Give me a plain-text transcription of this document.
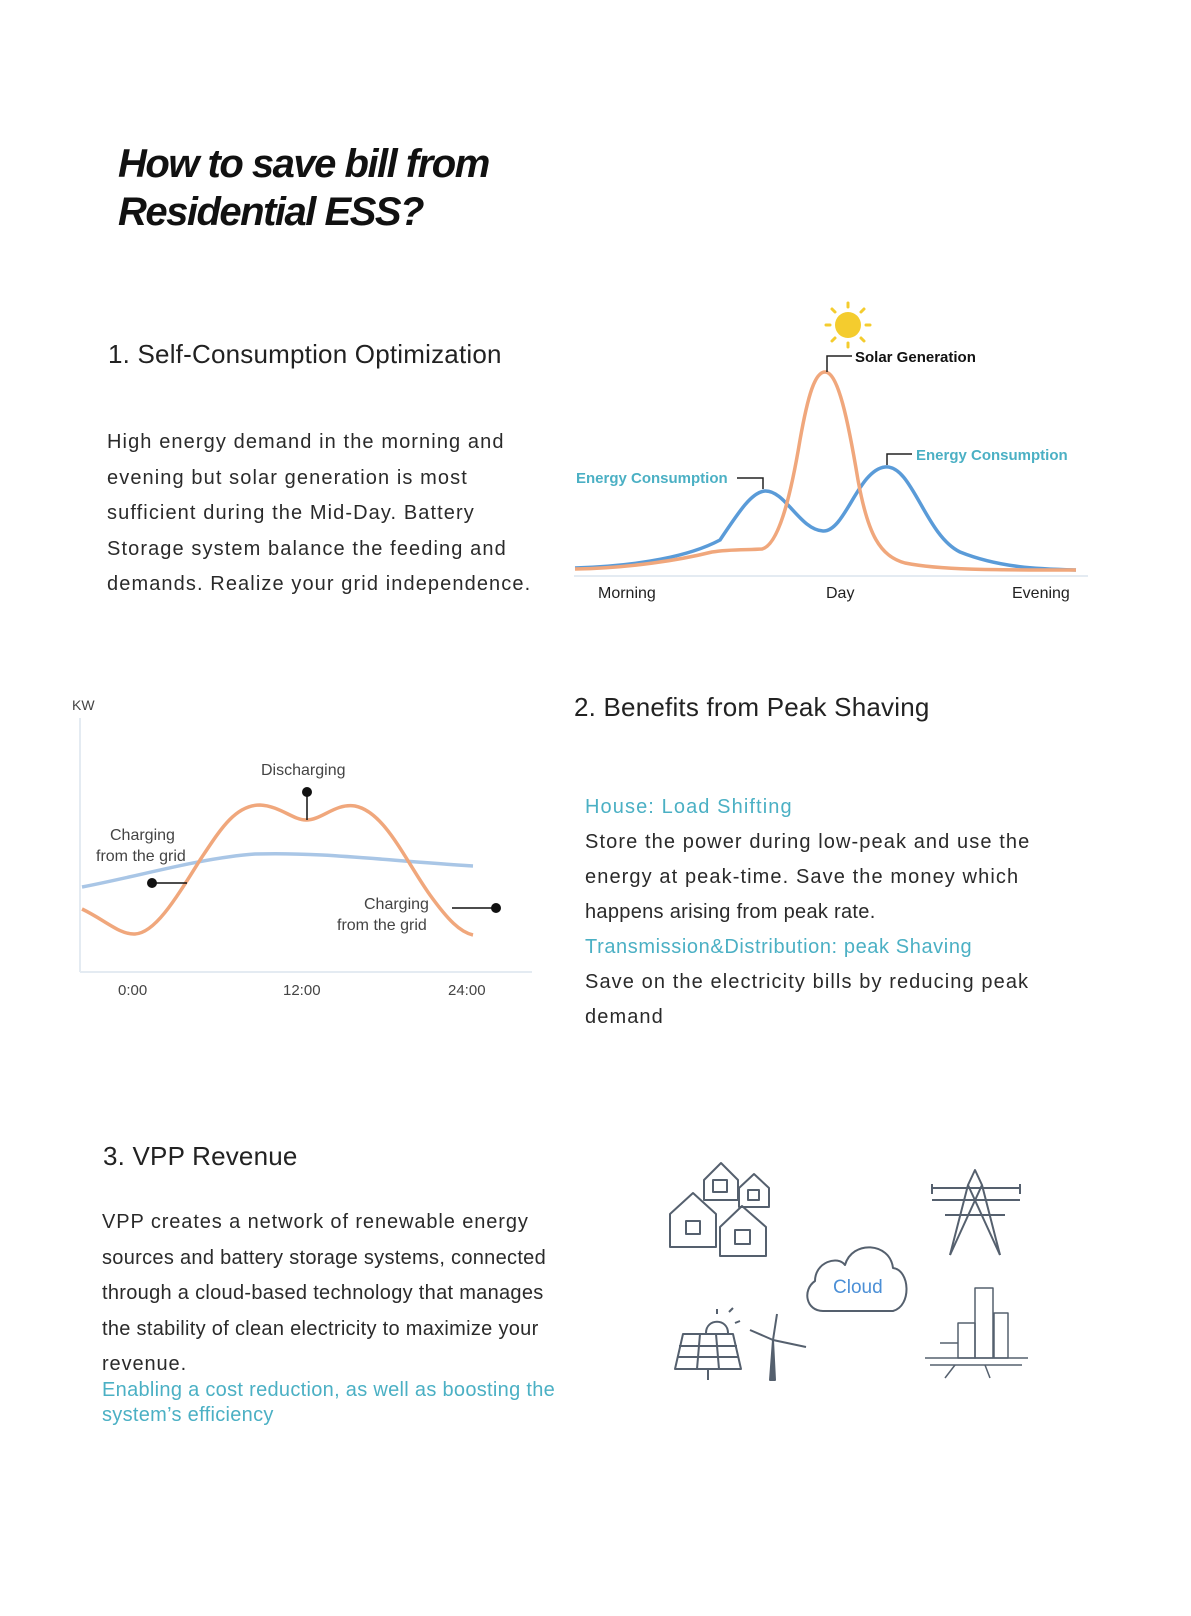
How to save bill from
Residential ESS?
1. Self-Consumption Optimization
High energy demand in the morning and
evening but solar generation is most
sufficient during the Mid-Day. Battery
Storage system balance the feeding and
demands. Realize your grid independence.
Solar Generation
Energy Consumption
Energy Consumption
Morning	Day	Evening
KW
Discharging
Charging
from the grid
Charging
from the grid
0:00	12:00	24:00
Cloud
2. Benefits from Peak Shaving
House: Load Shifting
Store the power during low-peak and use the
energy at peak-time. Save the money which
happens arising from peak rate.
Transmission&Distribution: peak Shaving
Save on the electricity bills by reducing peak
demand
3. VPP Revenue
VPP creates a network of renewable energy
sources and battery storage systems, connected
through a cloud-based technology that manages
the stability of clean electricity to maximize your
revenue.
Enabling a cost reduction, as well as boosting the
system’s efficiency
